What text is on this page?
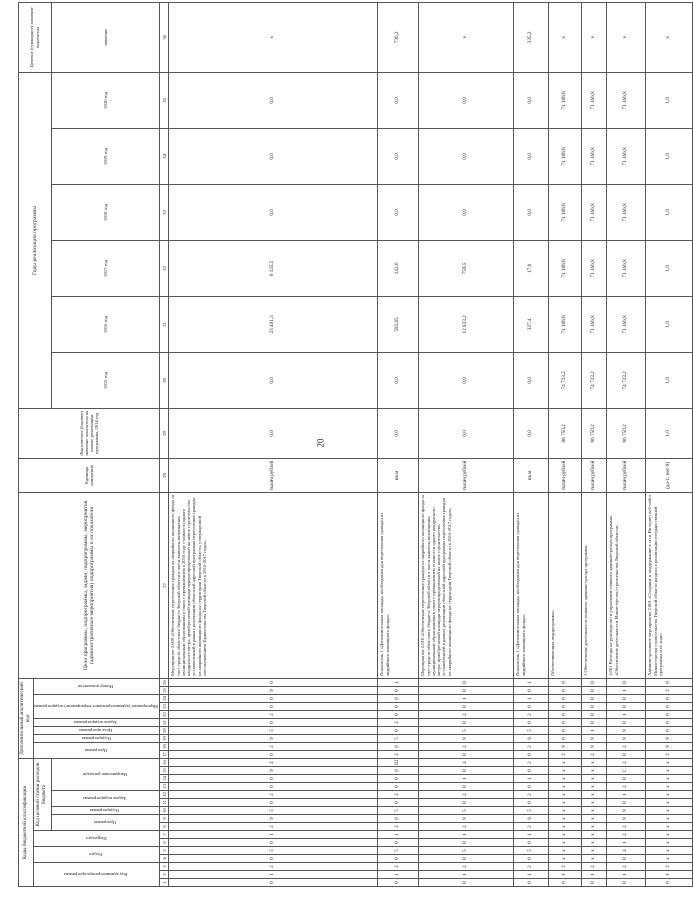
20
Коды бюджетной классификации																Дополнительный аналитический код										Цели программы, подпрограммы, задачи, подпрограммы, мероприятия (административные мероприятия) подпрограммы и их показатели	Единица измерения	Фактическое (базовое) значение показателя на начало реализации программы, 2014 год	Годы реализации программы						Целевое (суммарное) значение показателя	
Код администратора программы			Раздел		Подраздел		Код целевой статьи расходов бюджета									Программа		Подпрограмма	Цель программы	Задача подпрограммы	Мероприятие (административное мероприятие) подпрограммы			Номер показателя												
							Программа		Подпрограмма	Задача подпрограммы		Направление расходов																	2015 год	2016 год	2017 год	2018 год	2019 год	2020 год	значение	
1	2	3	4	5	6	7	8	9	10	11	12	13	14	15	16	17	18	19	20	21	22	23	24	25	26	27	28	29	30	31	32	33	34	35	36	
0	1	2	0	5	0	1	2	9	5	0	2	0	0	9	4	0	2	9	5	0	2	0	0	9	0	Мероприятие 2.009 «Обеспечение переселения граждан из аварийного жилищного фонда за счет средств областного бюджета Тверской области в части выплаты возмещения муниципальным образованиям в связи с превышением в 2016 году стоимости одного квадратного метра, приобретаемой площади перераспределённой на новое строительство, установленной в рамках реализации областной адресной программы переселения граждан из аварийного жилищного фонда на территории Тверской области, утвержденной постановлением Правительства Тверской области в 2016-2017 годах»	тысяч рублей	0,0	0,0	23 401,3	6 125,5	0,0	0,0	0,0	х	
0	1	2	0	5	0	1	2	9	5	0	2	0	0	9	Ш	2	9	5	0	2	0	0	9	0	1	Показатель 1 «Дополнительная площадь, необходимая для переселения граждан из аварийного жилищного фонда»	кв.м	0,0	0,0	592,65	143,6	0,0	0,0	0,0	736,2	
0	1	2	0	5	0	1	2	9	5	0	2	0	1	0	4	0	2	9	5	0	2	0	1	0	0	Мероприятие 2.010 «Обеспечение переселения граждан из аварийного жилищного фонда за счет средств областного бюджета Тверской области в части выплаты возмещения муниципальным образованиям в связи с превышением стоимости одного квадратного метра, приобретаемой площади перераспределённой на новое строительство, установленной в рамках реализации областной адресной программы переселения граждан из аварийного жилищного фонда на территории Тверской области в 2016-2017 годах»	тысяч рублей	0,0	0,0	12 833,2	759,5	0,0	0,0	0,0	х	
0	1	2	0	5	0	1	2	9	5	0	2	0	1	0	2	0	2	9	5	0	2	0	1	0	1	Показатель 1 «Дополнительная площадь, необходимая для переселения граждан из аварийного жилищного фонда»	кв.м	0,0	0,0	327,4	17,8	0,0	0,0	0,0	335,2	
0	1	2	х	х	х	х	х	х	х	х	х	х	х	х	х	2	9	0	0	0	0	0	0	0	0	Обеспечивающая подпрограмма»	тысяч рублей	86 750,2	74 723,2	71 166,8	71 166,8	71 166,8	71 166,8	71 166,8	х	
0	1	2	х	х	х	х	х	х	х	х	х	х	х	х	х	2	9	9	1	0	0	0	0	0	0	1 Обеспечение деятельности главного администратора программы	тысяч рублей	86 750,2	74 723,2	71 166,8	71 166,8	71 166,8	71 166,8	71 166,8	х	
0	1	2	0	4	1	2	2	9	9	0	1	2	0	С	2	0	2	9	9	0	1	0	0	1	0	1.001 Расходы на руководство и управление главного администратора программы «Обеспечение деятельности Министерства строительства Тверской области»	тысяч рублей	86 750,2	74 723,2	71 166,8	71 166,8	71 166,8	71 166,8	71 166,8	х	
0	1	2	х	х	х	х	х	х	х	х	х	х	х	х	х	2	9	9	0	0	0	0	0	2	0	Административное мероприятие 2.001 «Создание и поддержание в сети Интернет веб-сайта Министерства строительства Тверской области раздела о реализации государственной программы и ее ходе»	(да-1, нет-0)	1,0	1,0	1,0	1,0	1,0	1,0	1,0	х	
